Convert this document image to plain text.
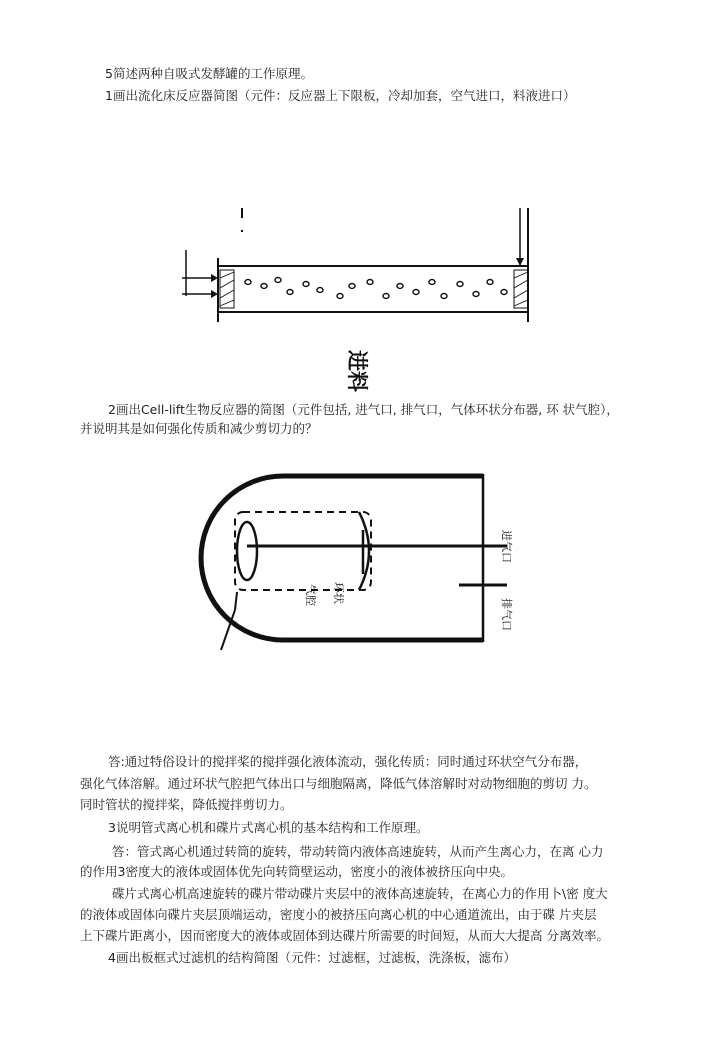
5简述两种自吸式发酵罐的工作原理。
1画出流化床反应器简图（元件：反应器上下限板，冷却加套，空气进口，料液进口）
进料
2画出Cell-lift生物反应器的简图（元件包括, 进气口, 排气口，气体环状分布器, 环 状气腔），
并说明其是如何强化传质和减少剪切力的？
进气口
排气口
环状
气腔
答:通过特俗设计的搅拌桨的搅拌强化液体流动，强化传质：同时通过环状空气分布器，
强化气体溶解。通过环状气腔把气体出口与细胞隔离，降低气体溶解时对动物细胞的剪切 力。
同时管状的搅拌桨，降低搅拌剪切力。
3说明管式离心机和碟片式离心机的基本结构和工作原理。
答：管式离心机通过转筒的旋转，带动转筒内液体高速旋转，从而产生离心力，在离 心力
的作用3密度大的液体或固体优先向转筒壁运动，密度小的液体被挤压向中央。
碟片式离心机高速旋转的碟片带动碟片夹层中的液体高速旋转，在离心力的作用卜\密 度大
的液体或固体向碟片夹层顶端运动，密度小的被挤压向离心机的中心通道流出，由于碟 片夹层
上下碟片距离小，因而密度大的液体或固体到达碟片所需要的时间短，从而大大提高 分离效率。
4画出板框式过滤机的结构简图（元件：过滤框，过滤板，洗涤板，滤布）
